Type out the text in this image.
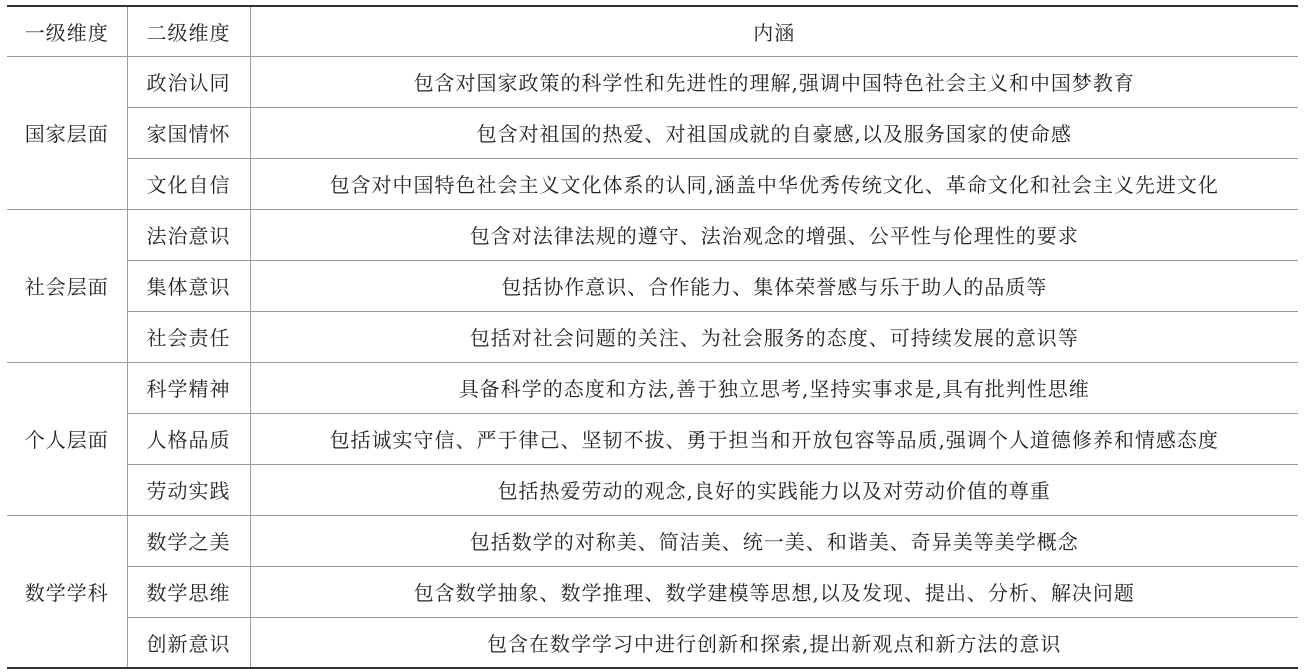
一级维度	二级维度	内涵
国家层面	政治认同	包含对国家政策的科学性和先进性的理解,强调中国特色社会主义和中国梦教育
	家国情怀	包含对祖国的热爱、对祖国成就的自豪感,以及服务国家的使命感
	文化自信	包含对中国特色社会主义文化体系的认同,涵盖中华优秀传统文化、革命文化和社会主义先进文化
社会层面	法治意识	包含对法律法规的遵守、法治观念的增强、公平性与伦理性的要求
	集体意识	包括协作意识、合作能力、集体荣誉感与乐于助人的品质等
	社会责任	包括对社会问题的关注、为社会服务的态度、可持续发展的意识等
个人层面	科学精神	具备科学的态度和方法,善于独立思考,坚持实事求是,具有批判性思维
	人格品质	包括诚实守信、严于律己、坚韧不拔、勇于担当和开放包容等品质,强调个人道德修养和情感态度
	劳动实践	包括热爱劳动的观念,良好的实践能力以及对劳动价值的尊重
数学学科	数学之美	包括数学的对称美、简洁美、统一美、和谐美、奇异美等美学概念
	数学思维	包含数学抽象、数学推理、数学建模等思想,以及发现、提出、分析、解决问题
	创新意识	包含在数学学习中进行创新和探索,提出新观点和新方法的意识
